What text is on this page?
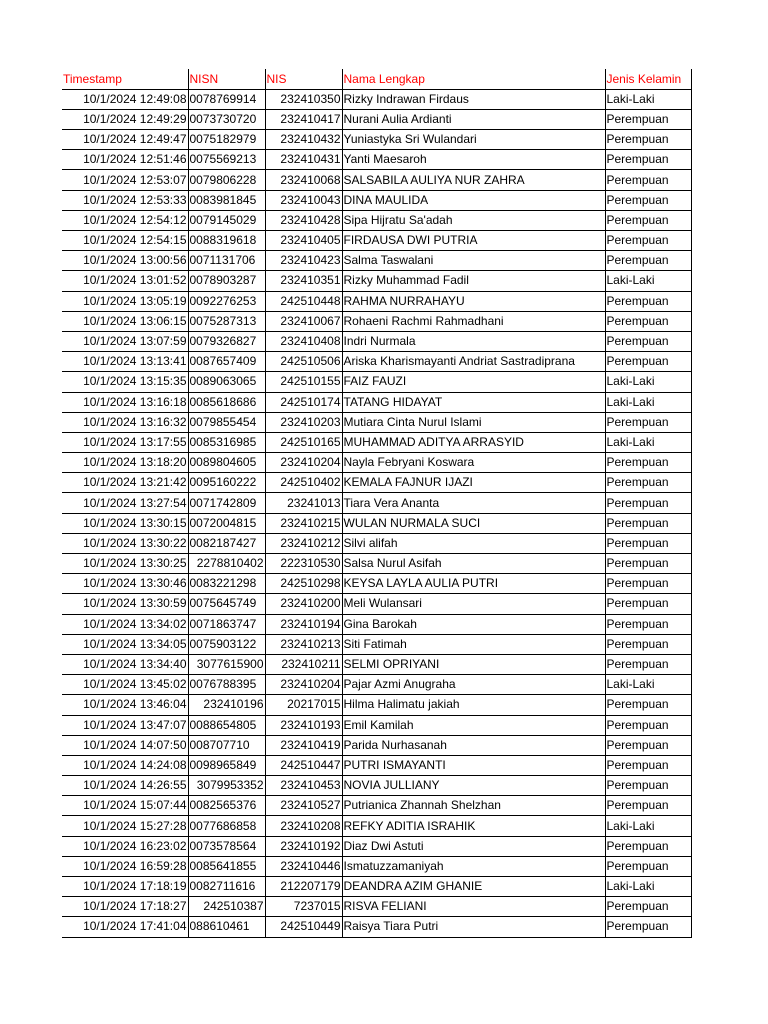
Timestamp	NISN	NIS	Nama Lengkap	Jenis Kelamin
10/1/2024 12:49:08	0078769914	232410350	Rizky Indrawan Firdaus	Laki-Laki
10/1/2024 12:49:29	0073730720	232410417	Nurani Aulia Ardianti	Perempuan
10/1/2024 12:49:47	0075182979	232410432	Yuniastyka Sri Wulandari	Perempuan
10/1/2024 12:51:46	0075569213	232410431	Yanti Maesaroh	Perempuan
10/1/2024 12:53:07	0079806228	232410068	SALSABILA AULIYA NUR ZAHRA	Perempuan
10/1/2024 12:53:33	0083981845	232410043	DINA MAULIDA	Perempuan
10/1/2024 12:54:12	0079145029	232410428	Sipa Hijratu Sa'adah	Perempuan
10/1/2024 12:54:15	0088319618	232410405	FIRDAUSA DWI PUTRIA	Perempuan
10/1/2024 13:00:56	0071131706	232410423	Salma Taswalani	Perempuan
10/1/2024 13:01:52	0078903287	232410351	Rizky Muhammad Fadil	Laki-Laki
10/1/2024 13:05:19	0092276253	242510448	RAHMA NURRAHAYU	Perempuan
10/1/2024 13:06:15	0075287313	232410067	Rohaeni Rachmi Rahmadhani	Perempuan
10/1/2024 13:07:59	0079326827	232410408	Indri Nurmala	Perempuan
10/1/2024 13:13:41	0087657409	242510506	Ariska Kharismayanti Andriat Sastradiprana	Perempuan
10/1/2024 13:15:35	0089063065	242510155	FAIZ FAUZI	Laki-Laki
10/1/2024 13:16:18	0085618686	242510174	TATANG HIDAYAT	Laki-Laki
10/1/2024 13:16:32	0079855454	232410203	Mutiara Cinta Nurul Islami	Perempuan
10/1/2024 13:17:55	0085316985	242510165	MUHAMMAD ADITYA ARRASYID	Laki-Laki
10/1/2024 13:18:20	0089804605	232410204	Nayla Febryani Koswara	Perempuan
10/1/2024 13:21:42	0095160222	242510402	KEMALA FAJNUR IJAZI	Perempuan
10/1/2024 13:27:54	0071742809	23241013	Tiara Vera Ananta	Perempuan
10/1/2024 13:30:15	0072004815	232410215	WULAN NURMALA SUCI	Perempuan
10/1/2024 13:30:22	0082187427	232410212	Silvi alifah	Perempuan
10/1/2024 13:30:25	2278810402	222310530	Salsa Nurul Asifah	Perempuan
10/1/2024 13:30:46	0083221298	242510298	KEYSA LAYLA AULIA PUTRI	Perempuan
10/1/2024 13:30:59	0075645749	232410200	Meli Wulansari	Perempuan
10/1/2024 13:34:02	0071863747	232410194	Gina Barokah	Perempuan
10/1/2024 13:34:05	0075903122	232410213	Siti Fatimah	Perempuan
10/1/2024 13:34:40	3077615900	232410211	SELMI OPRIYANI	Perempuan
10/1/2024 13:45:02	0076788395	232410204	Pajar Azmi Anugraha	Laki-Laki
10/1/2024 13:46:04	232410196	20217015	Hilma Halimatu jakiah	Perempuan
10/1/2024 13:47:07	0088654805	232410193	Emil Kamilah	Perempuan
10/1/2024 14:07:50	008707710	232410419	Parida Nurhasanah	Perempuan
10/1/2024 14:24:08	0098965849	242510447	PUTRI ISMAYANTI	Perempuan
10/1/2024 14:26:55	3079953352	232410453	NOVIA JULLIANY	Perempuan
10/1/2024 15:07:44	0082565376	232410527	Putrianica Zhannah Shelzhan	Perempuan
10/1/2024 15:27:28	0077686858	232410208	REFKY ADITIA ISRAHIK	Laki-Laki
10/1/2024 16:23:02	0073578564	232410192	Diaz Dwi Astuti	Perempuan
10/1/2024 16:59:28	0085641855	232410446	Ismatuzzamaniyah	Perempuan
10/1/2024 17:18:19	0082711616	212207179	DEANDRA AZIM GHANIE	Laki-Laki
10/1/2024 17:18:27	242510387	7237015	RISVA FELIANI	Perempuan
10/1/2024 17:41:04	088610461	242510449	Raisya Tiara Putri	Perempuan
